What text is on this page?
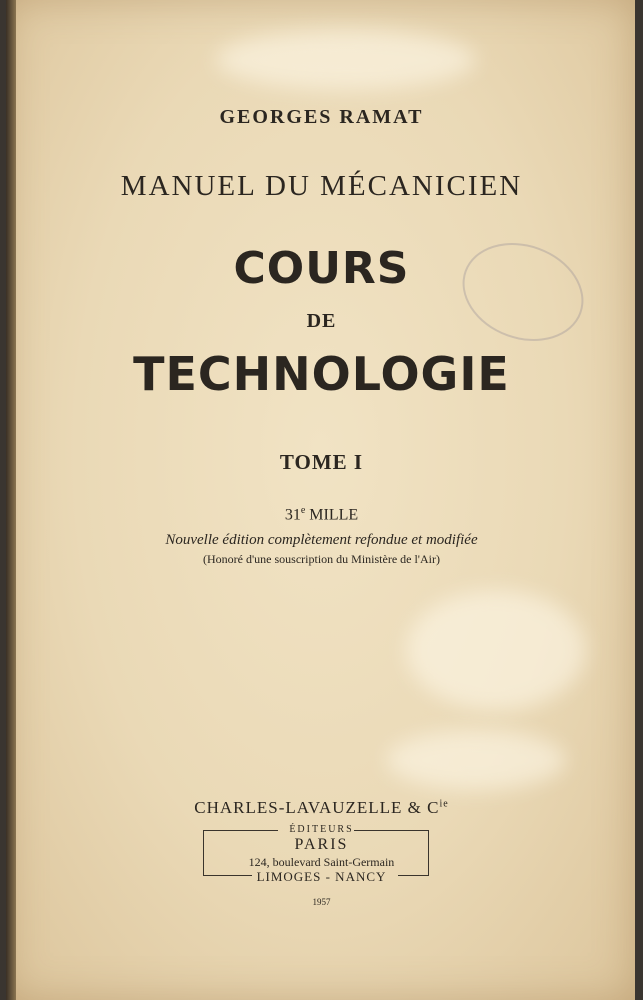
GEORGES RAMAT
MANUEL DU MÉCANICIEN
COURS
DE
TECHNOLOGIE
TOME I
31e MILLE
Nouvelle édition complètement refondue et modifiée
(Honoré d'une souscription du Ministère de l'Air)
CHARLES-LAVAUZELLE & $C^{ie}$
ÉDITEURS
PARIS
124, boulevard Saint-Germain
LIMOGES - NANCY
1957
